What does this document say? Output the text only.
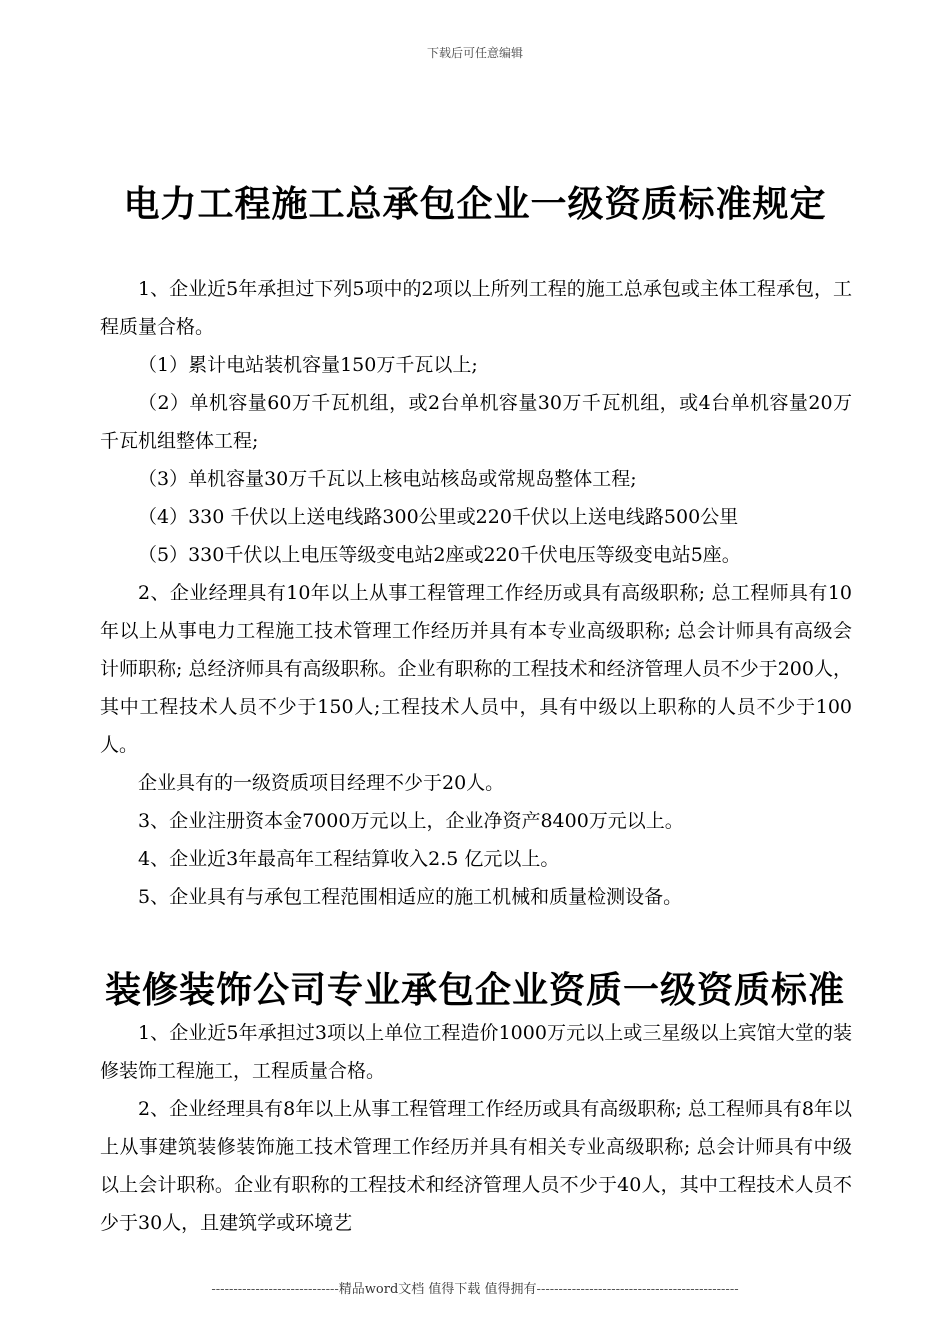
下载后可任意编辑
电力工程施工总承包企业一级资质标准规定

1、企业近5年承担过下列5项中的2项以上所列工程的施工总承包或主体工程承包，工程质量合格。

（1）累计电站装机容量150万千瓦以上;

（2）单机容量60万千瓦机组，或2台单机容量30万千瓦机组，或4台单机容量20万千瓦机组整体工程;

（3）单机容量30万千瓦以上核电站核岛或常规岛整体工程;

（4）330 千伏以上送电线路300公里或220千伏以上送电线路500公里

（5）330千伏以上电压等级变电站2座或220千伏电压等级变电站5座。

2、企业经理具有10年以上从事工程管理工作经历或具有高级职称; 总工程师具有10年以上从事电力工程施工技术管理工作经历并具有本专业高级职称; 总会计师具有高级会计师职称; 总经济师具有高级职称。企业有职称的工程技术和经济管理人员不少于200人，其中工程技术人员不少于150人;工程技术人员中，具有中级以上职称的人员不少于100人。

企业具有的一级资质项目经理不少于20人。

3、企业注册资本金7000万元以上，企业净资产8400万元以上。

4、企业近3年最高年工程结算收入2.5 亿元以上。

5、企业具有与承包工程范围相适应的施工机械和质量检测设备。

装修装饰公司专业承包企业资质一级资质标准

1、企业近5年承担过3项以上单位工程造价1000万元以上或三星级以上宾馆大堂的装修装饰工程施工，工程质量合格。

2、企业经理具有8年以上从事工程管理工作经历或具有高级职称; 总工程师具有8年以上从事建筑装修装饰施工技术管理工作经历并具有相关专业高级职称; 总会计师具有中级以上会计职称。企业有职称的工程技术和经济管理人员不少于40人，其中工程技术人员不少于30人，且建筑学或环境艺

-----------------------------精品word文档 值得下载 值得拥有----------------------------------------------
